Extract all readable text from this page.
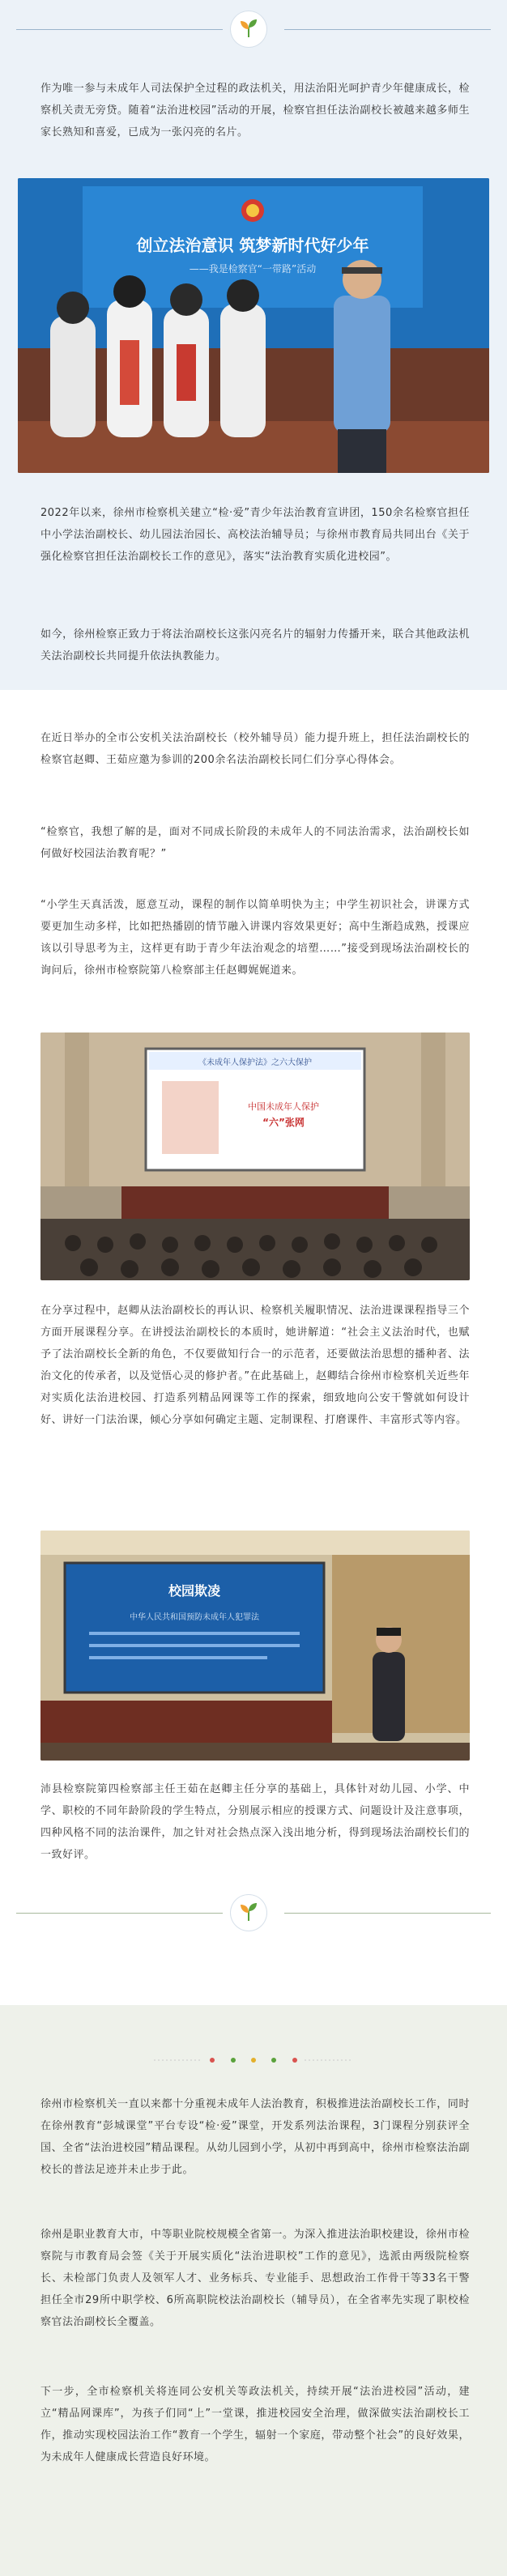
作为唯一参与未成年人司法保护全过程的政法机关，用法治阳光呵护青少年健康成长，检察机关责无旁贷。随着“法治进校园”活动的开展，检察官担任法治副校长被越来越多师生家长熟知和喜爱，已成为一张闪亮的名片。

创立法治意识 筑梦新时代好少年
——我是检察官“一带路”活动

2022年以来，徐州市检察机关建立“检·爱”青少年法治教育宣讲团，150余名检察官担任中小学法治副校长、幼儿园法治园长、高校法治辅导员；与徐州市教育局共同出台《关于强化检察官担任法治副校长工作的意见》，落实“法治教育实质化进校园”。

如今，徐州检察正致力于将法治副校长这张闪亮名片的辐射力传播开来，联合其他政法机关法治副校长共同提升依法执教能力。

在近日举办的全市公安机关法治副校长（校外辅导员）能力提升班上，担任法治副校长的检察官赵卿、王茹应邀为参训的200余名法治副校长同仁们分享心得体会。

“检察官，我想了解的是，面对不同成长阶段的未成年人的不同法治需求，法治副校长如何做好校园法治教育呢？”

“小学生天真活泼，愿意互动，课程的制作以简单明快为主；中学生初识社会，讲课方式要更加生动多样，比如把热播剧的情节融入讲课内容效果更好；高中生渐趋成熟，授课应该以引导思考为主，这样更有助于青少年法治观念的培塑……”接受到现场法治副校长的询问后，徐州市检察院第八检察部主任赵卿娓娓道来。

《未成年人保护法》之六大保护
中国未成年人保护
“六”张网

在分享过程中，赵卿从法治副校长的再认识、检察机关履职情况、法治进课课程指导三个方面开展课程分享。在讲授法治副校长的本质时，她讲解道：“社会主义法治时代，也赋予了法治副校长全新的角色，不仅要做知行合一的示范者，还要做法治思想的播种者、法治文化的传承者，以及觉悟心灵的修护者。”在此基础上，赵卿结合徐州市检察机关近些年对实质化法治进校园、打造系列精品网课等工作的探索，细致地向公安干警就如何设计好、讲好一门法治课，倾心分享如何确定主题、定制课程、打磨课件、丰富形式等内容。

校园欺凌
中华人民共和国预防未成年人犯罪法

沛县检察院第四检察部主任王茹在赵卿主任分享的基础上，具体针对幼儿园、小学、中学、职校的不同年龄阶段的学生特点，分别展示相应的授课方式、问题设计及注意事项，四种风格不同的法治课件，加之针对社会热点深入浅出地分析，得到现场法治副校长们的一致好评。

徐州市检察机关一直以来都十分重视未成年人法治教育，积极推进法治副校长工作，同时在徐州教育“彭城课堂”平台专设“检·爱”课堂，开发系列法治课程，3门课程分别获评全国、全省“法治进校园”精品课程。从幼儿园到小学，从初中再到高中，徐州市检察法治副校长的普法足迹并未止步于此。

徐州是职业教育大市，中等职业院校规模全省第一。为深入推进法治职校建设，徐州市检察院与市教育局会签《关于开展实质化“法治进职校”工作的意见》，选派由两级院检察长、未检部门负责人及领军人才、业务标兵、专业能手、思想政治工作骨干等33名干警担任全市29所中职学校、6所高职院校法治副校长（辅导员），在全省率先实现了职校检察官法治副校长全覆盖。

下一步，全市检察机关将连同公安机关等政法机关，持续开展“法治进校园”活动，建立“精品网课库”，为孩子们同“上”一堂课，推进校园安全治理，做深做实法治副校长工作，推动实现校园法治工作“教育一个学生，辐射一个家庭，带动整个社会”的良好效果，为未成年人健康成长营造良好环境。
